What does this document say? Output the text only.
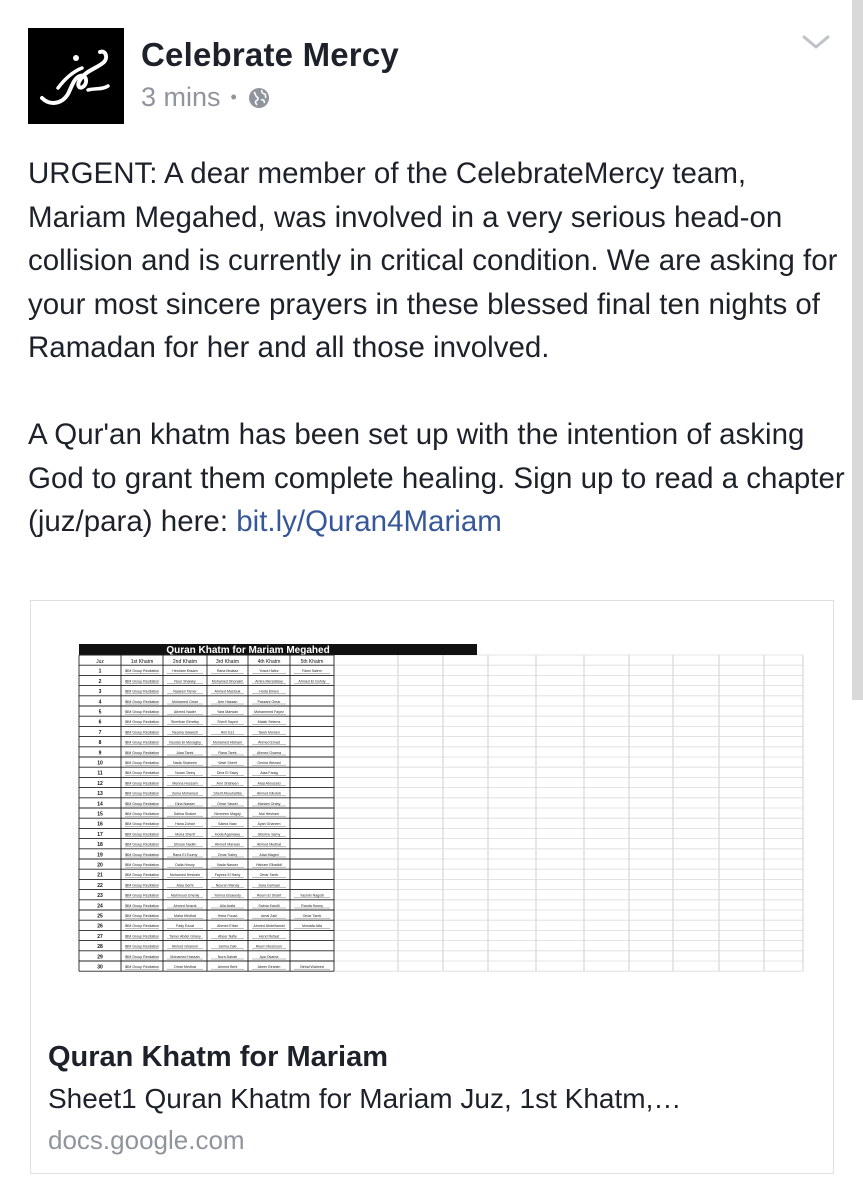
Celebrate Mercy
3 mins •

URGENT: A dear member of the CelebrateMercy team, Mariam Megahed, was involved in a very serious head-on collision and is currently in critical condition. We are asking for your most sincere prayers in these blessed final ten nights of Ramadan for her and all those involved.

A Qur'an khatm has been set up with the intention of asking God to grant them complete healing. Sign up to read a chapter (juz/para) here: bit.ly/Quran4Mariam

Quran Khatm for Mariam Megahed
Juz	1st Khatm	2nd Khatm	3rd Khatm	4th Khatm	5th Khatm
1	IBM Group Recitation	Hesham Essam	Rana Moataz	Yosra Hafez	Rami Salem
2	IBM Group Recitation	Nour Shawky	Mohamed Ghonaim	Amira Mersafawy	Ahmed El Gohdy
3	IBM Group Recitation	Nadeen Tamer	Ahmed Mastouk	Hoda Elmen
4	IBM Group Recitation	Mohamed Omar	Amr Hassan	Passant Omar
5	IBM Group Recitation	Ahmed Nader	Yara Marwan	Mohammed Fayez
6	IBM Group Recitation	Sherihan Elmeiby	Sherif Sayed	Malak Selema
7	IBM Group Recitation	Neama Gawesh	Amr Ezz	Tarek Momen
8	IBM Group Recitation	Nouran El Menaghy	Mohamed Hisham	Ahmed Emad
9	IBM Group Recitation	Alaa Tarek	Rana Tarek	Ahmed Osama
10	IBM Group Recitation	Nada Shaheen	Wael Sherif	Omnia Wezani
11	IBM Group Recitation	Nuran Tareq	Dina El Sawy	Alaa Farag
12	IBM Group Recitation	Menna Hossam	Amr Shaheen	Alaa Abouzeid
13	IBM Group Recitation	Zeina Mohamed	Sherif Abouhatiba	Ahmed Elkotob
14	IBM Group Recitation	Dina Nasser	Omar Yasser	Mariam Oraby
15	IBM Group Recitation	Salma Shaker	Nermeen Magdy	Mai Hesham
16	IBM Group Recitation	Hana Zohair	Salma Nasr	Ayah Ghanem
17	IBM Group Recitation	Mona Sherif	Hoda Agamawy	Sherine Samy
18	IBM Group Recitation	Shrouk Nadim	Ahmed Marwan	Ahmed Medhat
19	IBM Group Recitation	Rana El-Toumy	Omar Sabry	Alaa Maged
20	IBM Group Recitation	Dalia Hosny	Nada Nasser	Hisham Elhadidi
21	IBM Group Recitation	Mohamed Hesham	Fayeez El Harty	Omar Tarek
22	IBM Group Recitation	Alaa Gerhi	Nouran Manay	Sara Gamaal
23	IBM Group Recitation	Mahmoud Ghenly	Yomna Elsaeedy	Reem El Sharif	Yasmin Naguib
24	IBM Group Recitation	Ahmed Nosrat	Alia Arafa	Salma Kandil	Randa Hosny
25	IBM Group Recitation	Maha Medhat	Heba Fouad	Amal Zaki	Omar Tarek
26	IBM Group Recitation	Fady Ezzat	Ahmed Erfan	Ahmed Abdelhamid	Mostafa Atta
27	IBM Group Recitation	Tamer Abdel Ghany	Abeer Nafie	Hend Refaat
28	IBM Group Recitation	Ahmed Ghanem	Salma Zaki	Reem Mesmoon
29	IBM Group Recitation	Mohamed Hassan	Nora Dahab	Aya Osama
30	IBM Group Recitation	Omar Medhat	Ahmed Behi	Abeer Elrahim	Nehal Waheed
Quran Khatm for Mariam
Sheet1 Quran Khatm for Mariam Juz, 1st Khatm,…
docs.google.com
